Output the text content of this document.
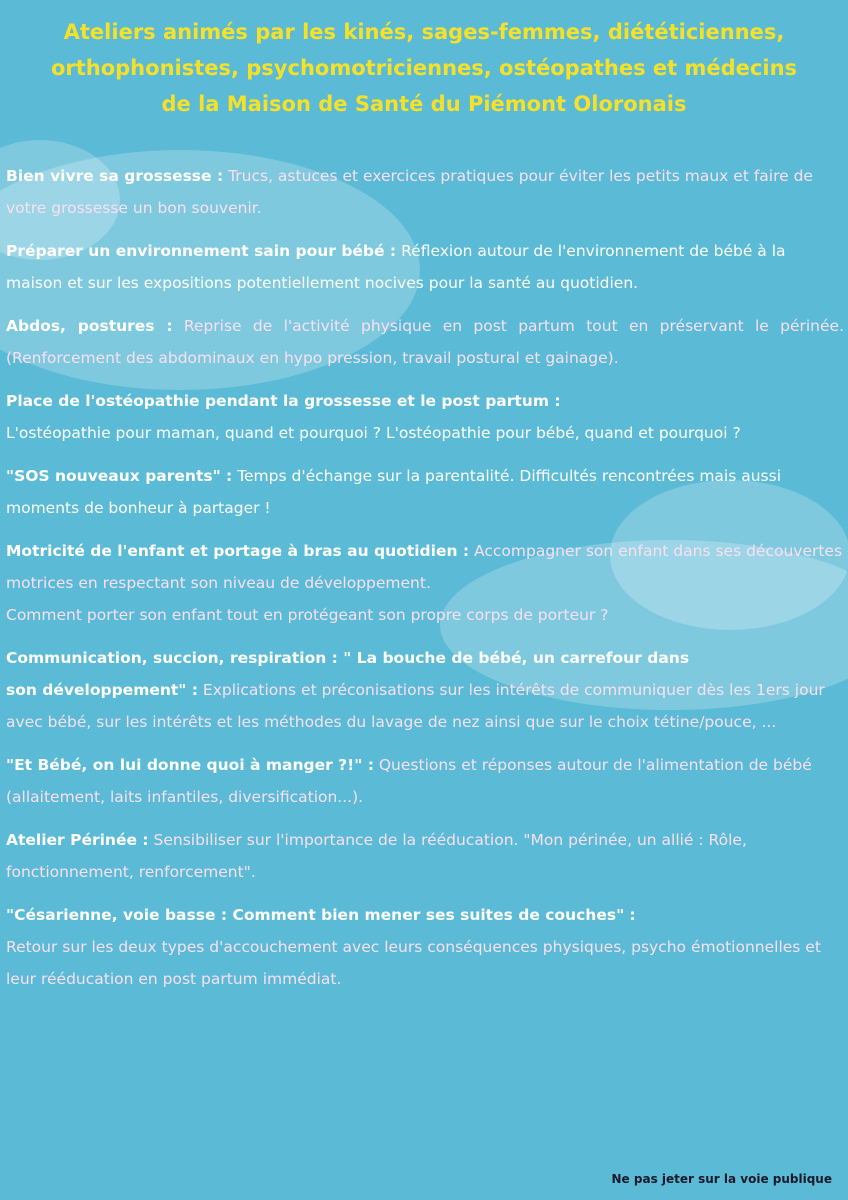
Ateliers animés par les kinés, sages-femmes, diététiciennes,
orthophonistes, psychomotriciennes, ostéopathes et médecins
de la Maison de Santé du Piémont Oloronais
Bien vivre sa grossesse : Trucs, astuces et exercices pratiques pour éviter les petits maux et faire de votre grossesse un bon souvenir.
Préparer un environnement sain pour bébé : Réflexion autour de l'environnement de bébé à la maison et sur les expositions potentiellement nocives pour la santé au quotidien.
Abdos, postures : Reprise de l'activité physique en post partum tout en préservant le périnée. (Renforcement des abdominaux en hypo pression, travail postural et gainage).
Place de l'ostéopathie pendant la grossesse et le post partum :
L'ostéopathie pour maman, quand et pourquoi ? L'ostéopathie pour bébé, quand et pourquoi ?
"SOS nouveaux parents" : Temps d'échange sur la parentalité. Difficultés rencontrées mais aussi moments de bonheur à partager !
Motricité de l'enfant et portage à bras au quotidien : Accompagner son enfant dans ses découvertes motrices en respectant son niveau de développement.
Comment porter son enfant tout en protégeant son propre corps de porteur ?
Communication, succion, respiration : " La bouche de bébé, un carrefour dans
son développement" : Explications et préconisations sur les intérêts de communiquer dès les 1ers jour avec bébé, sur les intérêts et les méthodes du lavage de nez ainsi que sur le choix tétine/pouce, ...
"Et Bébé, on lui donne quoi à manger ?!" : Questions et réponses autour de l'alimentation de bébé (allaitement, laits infantiles, diversification...).
Atelier Périnée : Sensibiliser sur l'importance de la rééducation. "Mon périnée, un allié : Rôle, fonctionnement, renforcement".
"Césarienne, voie basse : Comment bien mener ses suites de couches" :
Retour sur les deux types d'accouchement avec leurs conséquences physiques, psycho émotionnelles et leur rééducation en post partum immédiat.
Ne pas jeter sur la voie publique
